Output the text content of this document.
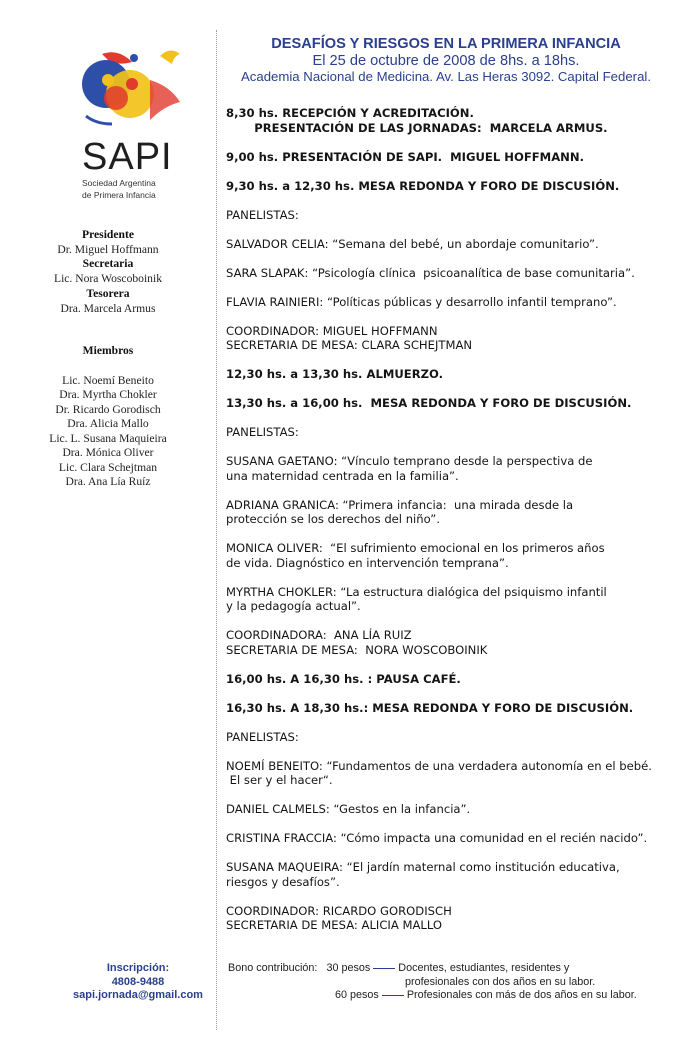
SAPI
Sociedad Argentina
de Primera Infancia
Presidente
Dr. Miguel Hoffmann
Secretaria
Lic. Nora Woscoboinik
Tesorera
Dra. Marcela Armus
Miembros
Lic. Noemí Beneito
Dra. Myrtha Chokler
Dr. Ricardo Gorodisch
Dra. Alicia Mallo
Lic. L. Susana Maquieira
Dra. Mónica Oliver
Lic. Clara Schejtman
Dra. Ana Lía Ruíz
Inscripción:
4808-9488
sapi.jornada@gmail.com
DESAFÍOS Y RIESGOS EN LA PRIMERA INFANCIA
El 25 de octubre de 2008 de 8hs. a 18hs.
Academia Nacional de Medicina. Av. Las Heras 3092. Capital Federal.

8,30 hs. RECEPCIÓN Y ACREDITACIÓN.
PRESENTACIÓN DE LAS JORNADAS:  MARCELA ARMUS.

9,00 hs. PRESENTACIÓN DE SAPI.  MIGUEL HOFFMANN.

9,30 hs. a 12,30 hs. MESA REDONDA Y FORO DE DISCUSIÓN.

PANELISTAS:

SALVADOR CELIA: “Semana del bebé, un abordaje comunitario”.

SARA SLAPAK: “Psicología clínica  psicoanalítica de base comunitaria”.

FLAVIA RAINIERI: “Políticas públicas y desarrollo infantil temprano”.

COORDINADOR: MIGUEL HOFFMANN
SECRETARIA DE MESA: CLARA SCHEJTMAN

12,30 hs. a 13,30 hs. ALMUERZO.

13,30 hs. a 16,00 hs.  MESA REDONDA Y FORO DE DISCUSIÓN.

PANELISTAS:

SUSANA GAETANO: “Vínculo temprano desde la perspectiva de
una maternidad centrada en la familia”.

ADRIANA GRANICA: “Primera infancia:  una mirada desde la
protección se los derechos del niño”.

MONICA OLIVER:  “El sufrimiento emocional en los primeros años
de vida. Diagnóstico en intervención temprana”.

MYRTHA CHOKLER: “La estructura dialógica del psiquismo infantil
y la pedagogía actual”.

COORDINADORA:  ANA LÍA RUIZ
SECRETARIA DE MESA:  NORA WOSCOBOINIK

16,00 hs. A 16,30 hs. : PAUSA CAFÉ.

16,30 hs. A 18,30 hs.: MESA REDONDA Y FORO DE DISCUSIÓN.

PANELISTAS:

NOEMÍ BENEITO: “Fundamentos de una verdadera autonomía en el bebé.
El ser y el hacer“.

DANIEL CALMELS: “Gestos en la infancia”.

CRISTINA FRACCIA: “Cómo impacta una comunidad en el recién nacido”.

SUSANA MAQUEIRA: “El jardín maternal como institución educativa,
riesgos y desafíos”.

COORDINADOR: RICARDO GORODISCH
SECRETARIA DE MESA: ALICIA MALLO

Bono contribución: 30 pesos	Docentes, estudiantes, residentes y
profesionales con dos años en su labor.
60 pesos	Profesionales con más de dos años en su labor.
